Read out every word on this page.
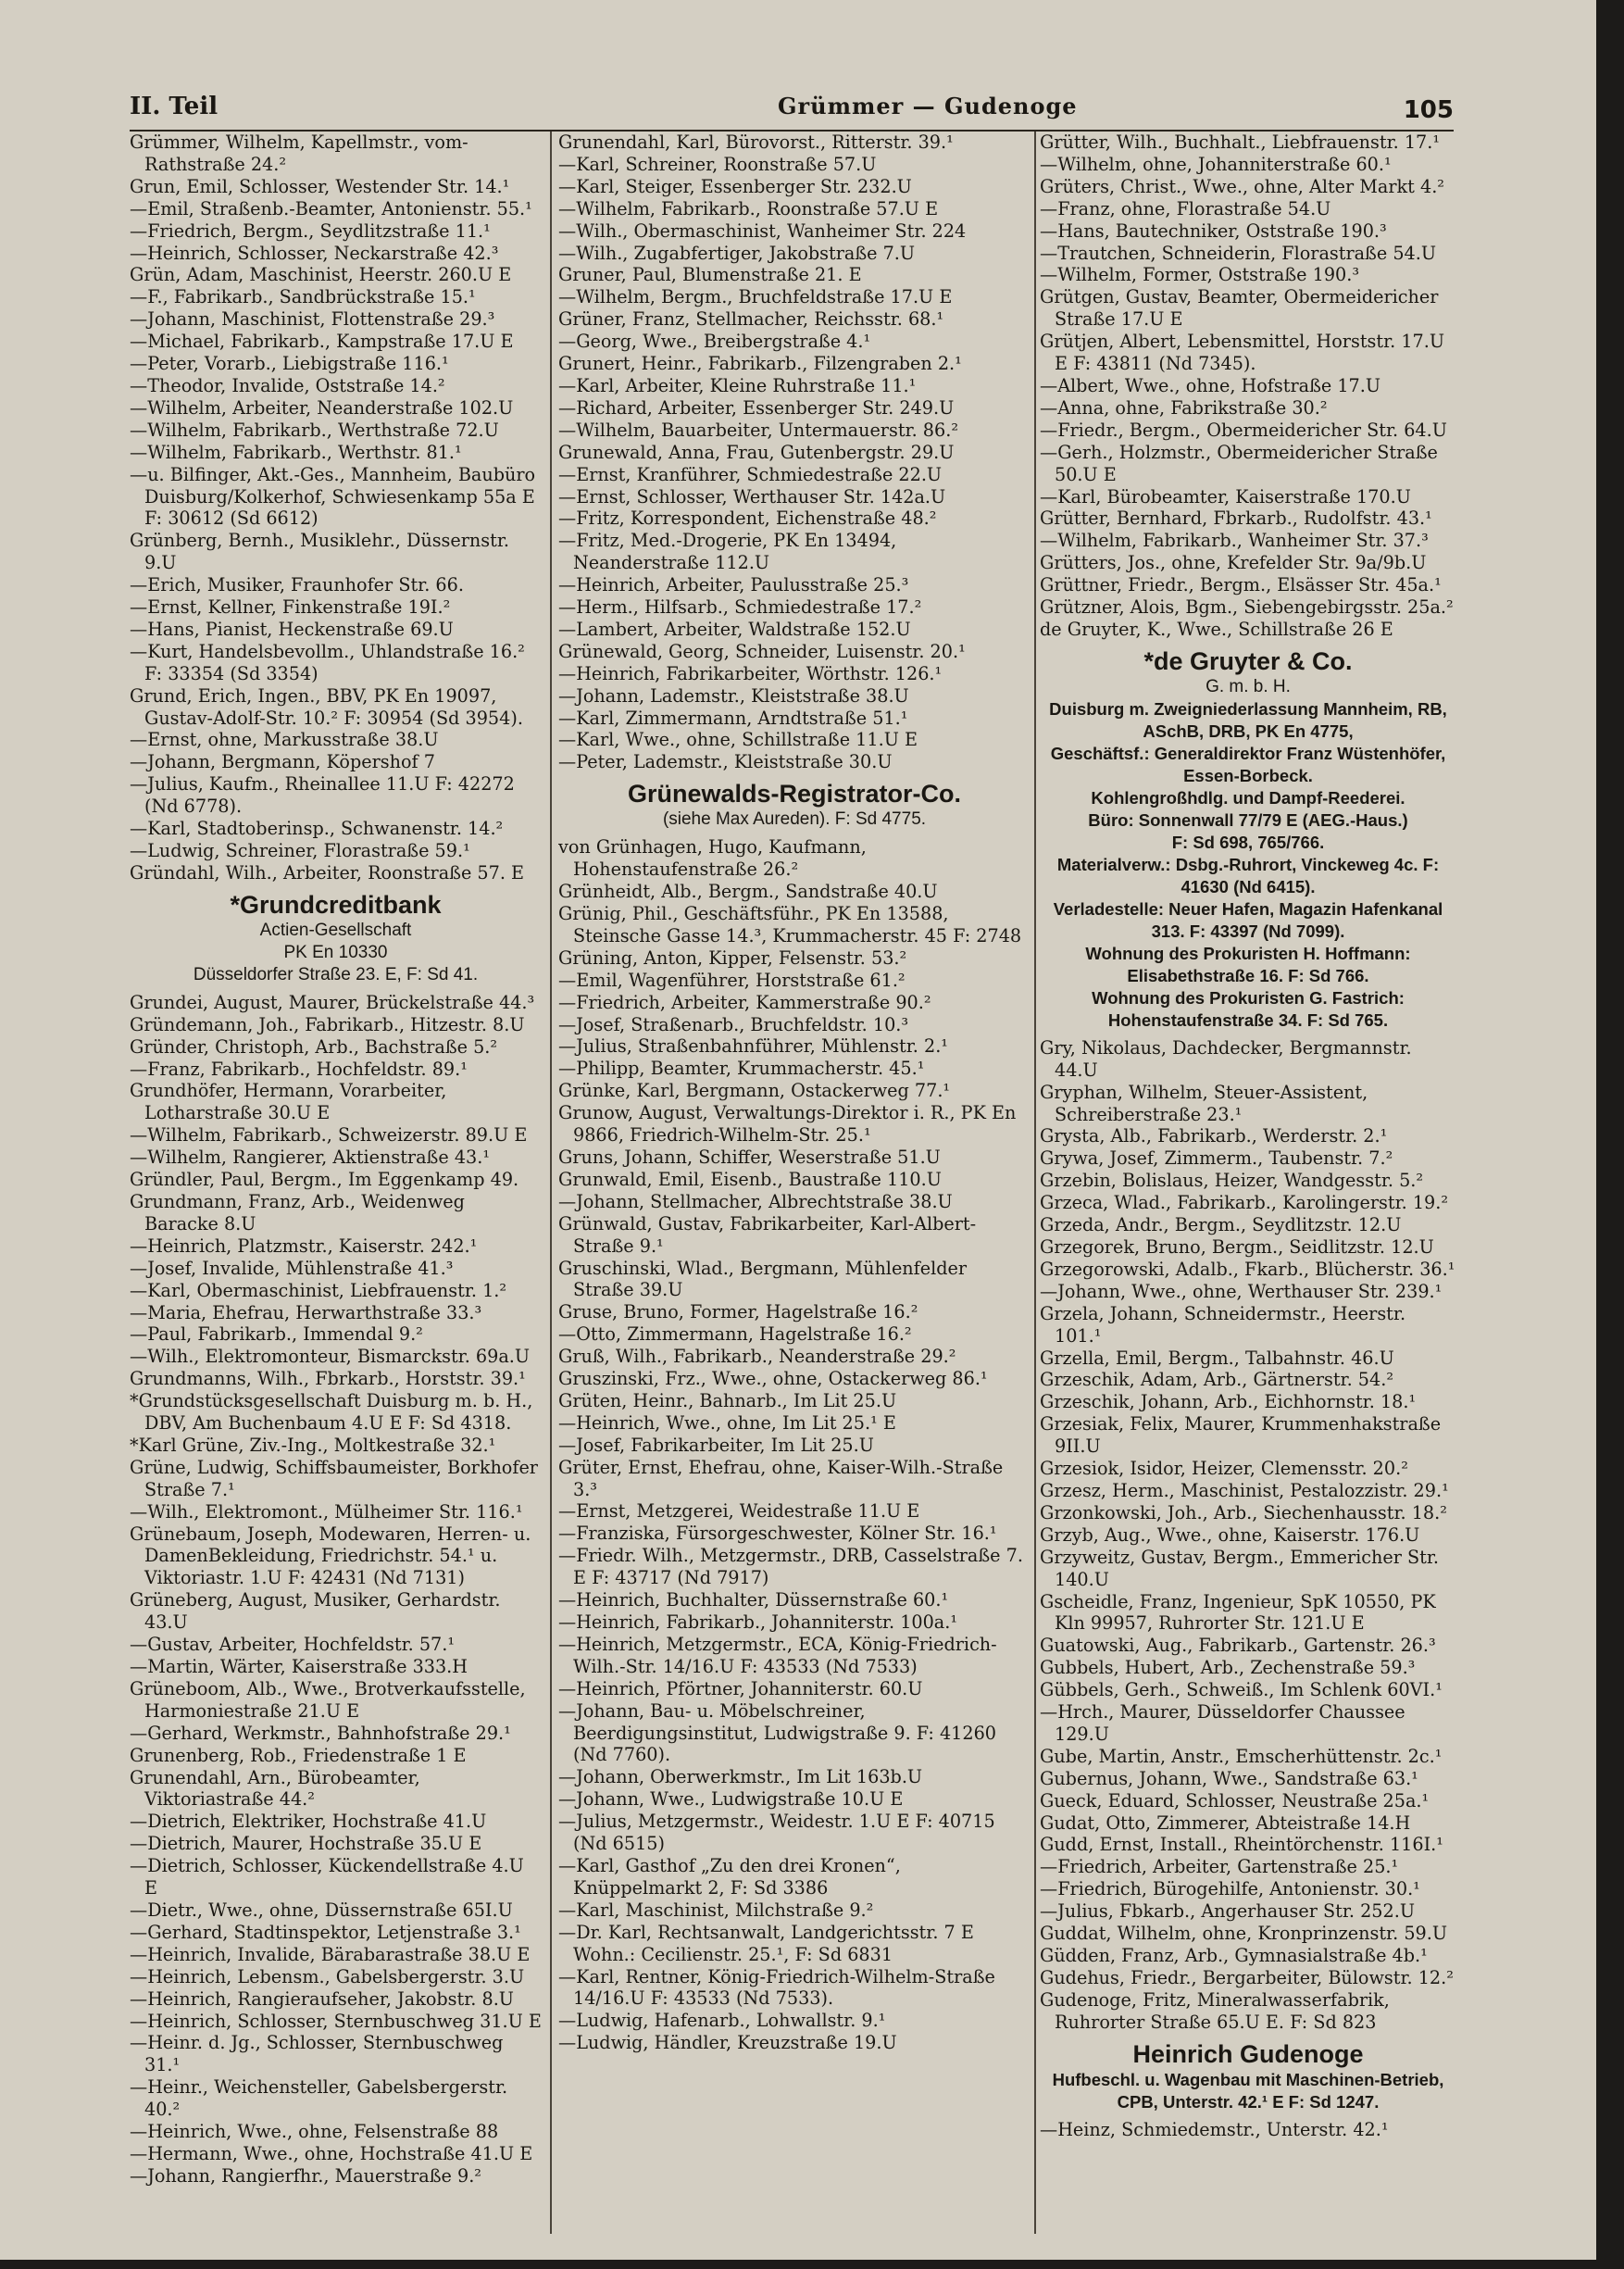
II. Teil	Grümmer — Gudenoge	105

Grümmer, Wilhelm, Kapellmstr., vom-Rathstraße 24.²

Grun, Emil, Schlosser, Westender Str. 14.¹

—Emil, Straßenb.-Beamter, Antonienstr. 55.¹

—Friedrich, Bergm., Seydlitzstraße 11.¹

—Heinrich, Schlosser, Neckarstraße 42.³

Grün, Adam, Maschinist, Heerstr. 260.U E

—F., Fabrikarb., Sandbrückstraße 15.¹

—Johann, Maschinist, Flottenstraße 29.³

—Michael, Fabrikarb., Kampstraße 17.U E

—Peter, Vorarb., Liebigstraße 116.¹

—Theodor, Invalide, Oststraße 14.²

—Wilhelm, Arbeiter, Neanderstraße 102.U

—Wilhelm, Fabrikarb., Werthstraße 72.U

—Wilhelm, Fabrikarb., Werthstr. 81.¹

—u. Bilfinger, Akt.-Ges., Mannheim, Baubüro Duisburg/Kolkerhof, Schwiesenkamp 55a E F: 30612 (Sd 6612)

Grünberg, Bernh., Musiklehr., Düssernstr. 9.U

—Erich, Musiker, Fraunhofer Str. 66.

—Ernst, Kellner, Finkenstraße 19I.²

—Hans, Pianist, Heckenstraße 69.U

—Kurt, Handelsbevollm., Uhlandstraße 16.² F: 33354 (Sd 3354)

Grund, Erich, Ingen., BBV, PK En 19097, Gustav-Adolf-Str. 10.² F: 30954 (Sd 3954).

—Ernst, ohne, Markusstraße 38.U

—Johann, Bergmann, Köpershof 7

—Julius, Kaufm., Rheinallee 11.U F: 42272 (Nd 6778).

—Karl, Stadtoberinsp., Schwanenstr. 14.²

—Ludwig, Schreiner, Florastraße 59.¹

Gründahl, Wilh., Arbeiter, Roonstraße 57. E

*Grundcreditbank
Actien-Gesellschaft
PK En 10330
Düsseldorfer Straße 23. E, F: Sd 41.

Grundei, August, Maurer, Brückelstraße 44.³

Gründemann, Joh., Fabrikarb., Hitzestr. 8.U

Gründer, Christoph, Arb., Bachstraße 5.²

—Franz, Fabrikarb., Hochfeldstr. 89.¹

Grundhöfer, Hermann, Vorarbeiter, Lotharstraße 30.U E

—Wilhelm, Fabrikarb., Schweizerstr. 89.U E

—Wilhelm, Rangierer, Aktienstraße 43.¹

Gründler, Paul, Bergm., Im Eggenkamp 49.

Grundmann, Franz, Arb., Weidenweg Baracke 8.U

—Heinrich, Platzmstr., Kaiserstr. 242.¹

—Josef, Invalide, Mühlenstraße 41.³

—Karl, Obermaschinist, Liebfrauenstr. 1.²

—Maria, Ehefrau, Herwarthstraße 33.³

—Paul, Fabrikarb., Immendal 9.²

—Wilh., Elektromonteur, Bismarckstr. 69a.U

Grundmanns, Wilh., Fbrkarb., Horststr. 39.¹

*Grundstücksgesellschaft Duisburg m. b. H., DBV, Am Buchenbaum 4.U E F: Sd 4318.

*Karl Grüne, Ziv.-Ing., Moltkestraße 32.¹

Grüne, Ludwig, Schiffsbaumeister, Borkhofer Straße 7.¹

—Wilh., Elektromont., Mülheimer Str. 116.¹

Grünebaum, Joseph, Modewaren, Herren- u. DamenBekleidung, Friedrichstr. 54.¹ u. Viktoriastr. 1.U F: 42431 (Nd 7131)

Grüneberg, August, Musiker, Gerhardstr. 43.U

—Gustav, Arbeiter, Hochfeldstr. 57.¹

—Martin, Wärter, Kaiserstraße 333.H

Grüneboom, Alb., Wwe., Brotverkaufsstelle, Harmoniestraße 21.U E

—Gerhard, Werkmstr., Bahnhofstraße 29.¹

Grunenberg, Rob., Friedenstraße 1 E

Grunendahl, Arn., Bürobeamter, Viktoriastraße 44.²

—Dietrich, Elektriker, Hochstraße 41.U

—Dietrich, Maurer, Hochstraße 35.U E

—Dietrich, Schlosser, Kückendellstraße 4.U E

—Dietr., Wwe., ohne, Düssernstraße 65I.U

—Gerhard, Stadtinspektor, Letjenstraße 3.¹

—Heinrich, Invalide, Bärabarastraße 38.U E

—Heinrich, Lebensm., Gabelsbergerstr. 3.U

—Heinrich, Rangieraufseher, Jakobstr. 8.U

—Heinrich, Schlosser, Sternbuschweg 31.U E

—Heinr. d. Jg., Schlosser, Sternbuschweg 31.¹

—Heinr., Weichensteller, Gabelsbergerstr. 40.²

—Heinrich, Wwe., ohne, Felsenstraße 88

—Hermann, Wwe., ohne, Hochstraße 41.U E

—Johann, Rangierfhr., Mauerstraße 9.²

Grunendahl, Karl, Bürovorst., Ritterstr. 39.¹

—Karl, Schreiner, Roonstraße 57.U

—Karl, Steiger, Essenberger Str. 232.U

—Wilhelm, Fabrikarb., Roonstraße 57.U E

—Wilh., Obermaschinist, Wanheimer Str. 224

—Wilh., Zugabfertiger, Jakobstraße 7.U

Gruner, Paul, Blumenstraße 21. E

—Wilhelm, Bergm., Bruchfeldstraße 17.U E

Grüner, Franz, Stellmacher, Reichsstr. 68.¹

—Georg, Wwe., Breibergstraße 4.¹

Grunert, Heinr., Fabrikarb., Filzengraben 2.¹

—Karl, Arbeiter, Kleine Ruhrstraße 11.¹

—Richard, Arbeiter, Essenberger Str. 249.U

—Wilhelm, Bauarbeiter, Untermauerstr. 86.²

Grunewald, Anna, Frau, Gutenbergstr. 29.U

—Ernst, Kranführer, Schmiedestraße 22.U

—Ernst, Schlosser, Werthauser Str. 142a.U

—Fritz, Korrespondent, Eichenstraße 48.²

—Fritz, Med.-Drogerie, PK En 13494, Neanderstraße 112.U

—Heinrich, Arbeiter, Paulusstraße 25.³

—Herm., Hilfsarb., Schmiedestraße 17.²

—Lambert, Arbeiter, Waldstraße 152.U

Grünewald, Georg, Schneider, Luisenstr. 20.¹

—Heinrich, Fabrikarbeiter, Wörthstr. 126.¹

—Johann, Lademstr., Kleiststraße 38.U

—Karl, Zimmermann, Arndtstraße 51.¹

—Karl, Wwe., ohne, Schillstraße 11.U E

—Peter, Lademstr., Kleiststraße 30.U

Grünewalds-Registrator-Co.
(siehe Max Aureden). F: Sd 4775.

von Grünhagen, Hugo, Kaufmann, Hohenstaufenstraße 26.²

Grünheidt, Alb., Bergm., Sandstraße 40.U

Grünig, Phil., Geschäftsführ., PK En 13588, Steinsche Gasse 14.³, Krummacherstr. 45 F: 2748

Grüning, Anton, Kipper, Felsenstr. 53.²

—Emil, Wagenführer, Horststraße 61.²

—Friedrich, Arbeiter, Kammerstraße 90.²

—Josef, Straßenarb., Bruchfeldstr. 10.³

—Julius, Straßenbahnführer, Mühlenstr. 2.¹

—Philipp, Beamter, Krummacherstr. 45.¹

Grünke, Karl, Bergmann, Ostackerweg 77.¹

Grunow, August, Verwaltungs-Direktor i. R., PK En 9866, Friedrich-Wilhelm-Str. 25.¹

Gruns, Johann, Schiffer, Weserstraße 51.U

Grunwald, Emil, Eisenb., Baustraße 110.U

—Johann, Stellmacher, Albrechtstraße 38.U

Grünwald, Gustav, Fabrikarbeiter, Karl-Albert-Straße 9.¹

Gruschinski, Wlad., Bergmann, Mühlenfelder Straße 39.U

Gruse, Bruno, Former, Hagelstraße 16.²

—Otto, Zimmermann, Hagelstraße 16.²

Gruß, Wilh., Fabrikarb., Neanderstraße 29.²

Gruszinski, Frz., Wwe., ohne, Ostackerweg 86.¹

Grüten, Heinr., Bahnarb., Im Lit 25.U

—Heinrich, Wwe., ohne, Im Lit 25.¹ E

—Josef, Fabrikarbeiter, Im Lit 25.U

Grüter, Ernst, Ehefrau, ohne, Kaiser-Wilh.-Straße 3.³

—Ernst, Metzgerei, Weidestraße 11.U E

—Franziska, Fürsorgeschwester, Kölner Str. 16.¹

—Friedr. Wilh., Metzgermstr., DRB, Casselstraße 7. E F: 43717 (Nd 7917)

—Heinrich, Buchhalter, Düssernstraße 60.¹

—Heinrich, Fabrikarb., Johanniterstr. 100a.¹

—Heinrich, Metzgermstr., ECA, König-Friedrich-Wilh.-Str. 14/16.U F: 43533 (Nd 7533)

—Heinrich, Pförtner, Johanniterstr. 60.U

—Johann, Bau- u. Möbelschreiner, Beerdigungsinstitut, Ludwigstraße 9. F: 41260 (Nd 7760).

—Johann, Oberwerkmstr., Im Lit 163b.U

—Johann, Wwe., Ludwigstraße 10.U E

—Julius, Metzgermstr., Weidestr. 1.U E F: 40715 (Nd 6515)

—Karl, Gasthof „Zu den drei Kronen“, Knüppelmarkt 2, F: Sd 3386

—Karl, Maschinist, Milchstraße 9.²

—Dr. Karl, Rechtsanwalt, Landgerichtsstr. 7 E Wohn.: Cecilienstr. 25.¹, F: Sd 6831

—Karl, Rentner, König-Friedrich-Wilhelm-Straße 14/16.U F: 43533 (Nd 7533).

—Ludwig, Hafenarb., Lohwallstr. 9.¹

—Ludwig, Händler, Kreuzstraße 19.U

Grütter, Wilh., Buchhalt., Liebfrauenstr. 17.¹

—Wilhelm, ohne, Johanniterstraße 60.¹

Grüters, Christ., Wwe., ohne, Alter Markt 4.²

—Franz, ohne, Florastraße 54.U

—Hans, Bautechniker, Oststraße 190.³

—Trautchen, Schneiderin, Florastraße 54.U

—Wilhelm, Former, Oststraße 190.³

Grütgen, Gustav, Beamter, Obermeidericher Straße 17.U E

Grütjen, Albert, Lebensmittel, Horststr. 17.U E F: 43811 (Nd 7345).

—Albert, Wwe., ohne, Hofstraße 17.U

—Anna, ohne, Fabrikstraße 30.²

—Friedr., Bergm., Obermeidericher Str. 64.U

—Gerh., Holzmstr., Obermeidericher Straße 50.U E

—Karl, Bürobeamter, Kaiserstraße 170.U

Grütter, Bernhard, Fbrkarb., Rudolfstr. 43.¹

—Wilhelm, Fabrikarb., Wanheimer Str. 37.³

Grütters, Jos., ohne, Krefelder Str. 9a/9b.U

Grüttner, Friedr., Bergm., Elsässer Str. 45a.¹

Grützner, Alois, Bgm., Siebengebirgsstr. 25a.²

de Gruyter, K., Wwe., Schillstraße 26 E

*de Gruyter & Co.
G. m. b. H.
Duisburg m. Zweigniederlassung Mannheim, RB, ASchB, DRB, PK En 4775,
Geschäftsf.: Generaldirektor Franz Wüstenhöfer, Essen-Borbeck.
Kohlengroßhdlg. und Dampf-Reederei.
Büro: Sonnenwall 77/79 E (AEG.-Haus.)
F: Sd 698, 765/766.
Materialverw.: Dsbg.-Ruhrort, Vinckeweg 4c. F: 41630 (Nd 6415).
Verladestelle: Neuer Hafen, Magazin Hafenkanal 313. F: 43397 (Nd 7099).
Wohnung des Prokuristen H. Hoffmann:
Elisabethstraße 16. F: Sd 766.
Wohnung des Prokuristen G. Fastrich:
Hohenstaufenstraße 34. F: Sd 765.

Gry, Nikolaus, Dachdecker, Bergmannstr. 44.U

Gryphan, Wilhelm, Steuer-Assistent, Schreiberstraße 23.¹

Grysta, Alb., Fabrikarb., Werderstr. 2.¹

Grywa, Josef, Zimmerm., Taubenstr. 7.²

Grzebin, Bolislaus, Heizer, Wandgesstr. 5.²

Grzeca, Wlad., Fabrikarb., Karolingerstr. 19.²

Grzeda, Andr., Bergm., Seydlitzstr. 12.U

Grzegorek, Bruno, Bergm., Seidlitzstr. 12.U

Grzegorowski, Adalb., Fkarb., Blücherstr. 36.¹

—Johann, Wwe., ohne, Werthauser Str. 239.¹

Grzela, Johann, Schneidermstr., Heerstr. 101.¹

Grzella, Emil, Bergm., Talbahnstr. 46.U

Grzeschik, Adam, Arb., Gärtnerstr. 54.²

Grzeschik, Johann, Arb., Eichhornstr. 18.¹

Grzesiak, Felix, Maurer, Krummenhakstraße 9II.U

Grzesiok, Isidor, Heizer, Clemensstr. 20.²

Grzesz, Herm., Maschinist, Pestalozzistr. 29.¹

Grzonkowski, Joh., Arb., Siechenhausstr. 18.²

Grzyb, Aug., Wwe., ohne, Kaiserstr. 176.U

Grzyweitz, Gustav, Bergm., Emmericher Str. 140.U

Gscheidle, Franz, Ingenieur, SpK 10550, PK Kln 99957, Ruhrorter Str. 121.U E

Guatowski, Aug., Fabrikarb., Gartenstr. 26.³

Gubbels, Hubert, Arb., Zechenstraße 59.³

Gübbels, Gerh., Schweiß., Im Schlenk 60VI.¹

—Hrch., Maurer, Düsseldorfer Chaussee 129.U

Gube, Martin, Anstr., Emscherhüttenstr. 2c.¹

Gubernus, Johann, Wwe., Sandstraße 63.¹

Gueck, Eduard, Schlosser, Neustraße 25a.¹

Gudat, Otto, Zimmerer, Abteistraße 14.H

Gudd, Ernst, Install., Rheintörchenstr. 116I.¹

—Friedrich, Arbeiter, Gartenstraße 25.¹

—Friedrich, Bürogehilfe, Antonienstr. 30.¹

—Julius, Fbkarb., Angerhauser Str. 252.U

Guddat, Wilhelm, ohne, Kronprinzenstr. 59.U

Güdden, Franz, Arb., Gymnasialstraße 4b.¹

Gudehus, Friedr., Bergarbeiter, Bülowstr. 12.²

Gudenoge, Fritz, Mineralwasserfabrik, Ruhrorter Straße 65.U E. F: Sd 823

Heinrich Gudenoge
Hufbeschl. u. Wagenbau mit Maschinen-Betrieb, CPB, Unterstr. 42.¹ E F: Sd 1247.

—Heinz, Schmiedemstr., Unterstr. 42.¹
